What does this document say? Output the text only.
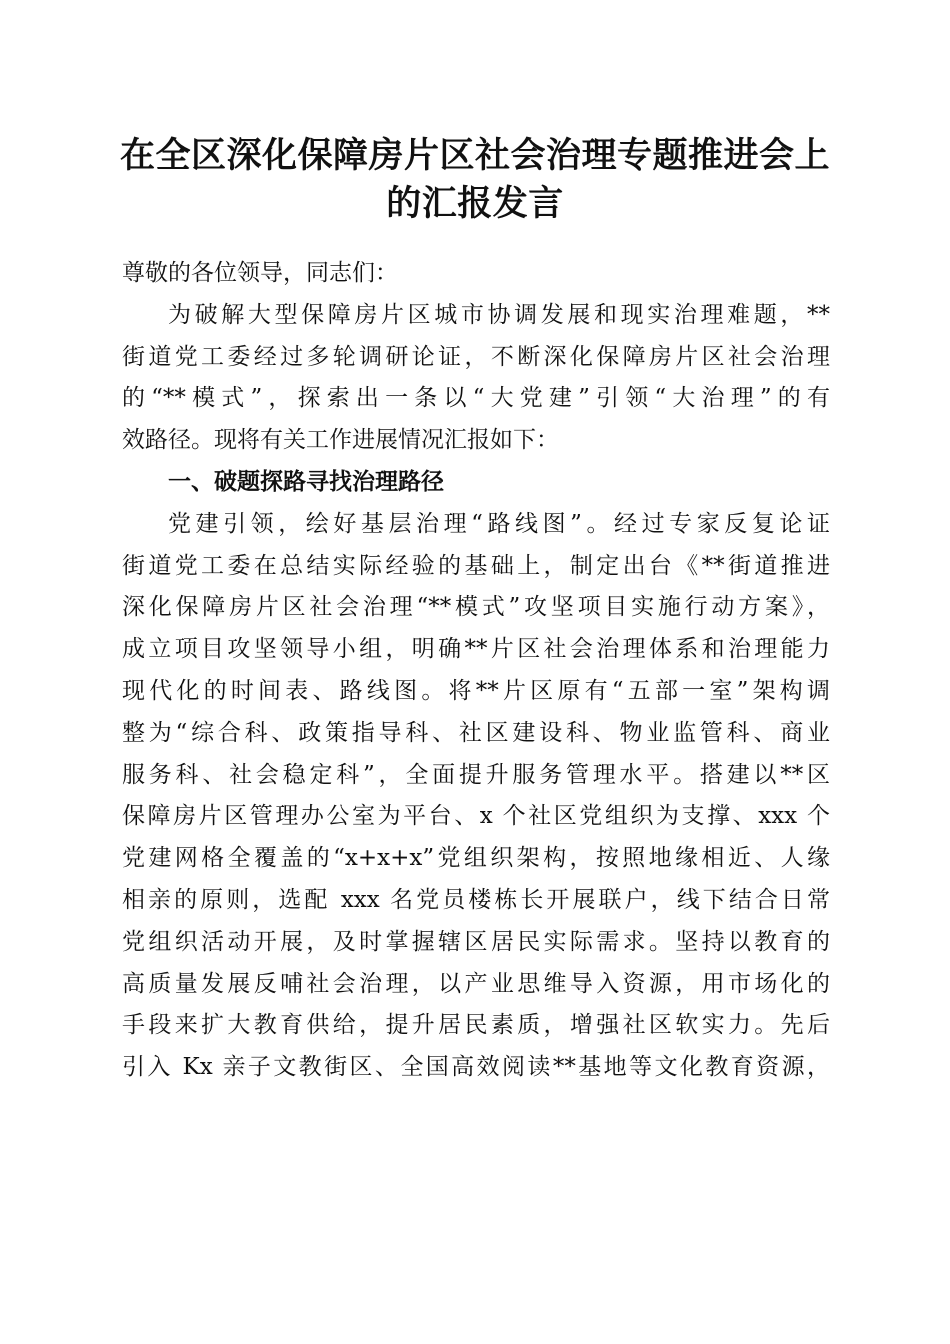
在全区深化保障房片区社会治理专题推进会上
的汇报发言
尊敬的各位领导，同志们：
为破解大型保障房片区城市协调发展和现实治理难题，**
街道党工委经过多轮调研论证，不断深化保障房片区社会治理
的“**模式”，探索出一条以“大党建”引领“大治理”的有
效路径。现将有关工作进展情况汇报如下：
一、破题探路寻找治理路径
党建引领，绘好基层治理“路线图”。经过专家反复论证
街道党工委在总结实际经验的基础上，制定出台《**街道推进
深化保障房片区社会治理“**模式”攻坚项目实施行动方案》，
成立项目攻坚领导小组，明确**片区社会治理体系和治理能力
现代化的时间表、路线图。将**片区原有“五部一室”架构调
整为“综合科、政策指导科、社区建设科、物业监管科、商业
服务科、社会稳定科”，全面提升服务管理水平。搭建以**区
保障房片区管理办公室为平台、x 个社区党组织为支撑、xxx 个
党建网格全覆盖的“x+x+x”党组织架构，按照地缘相近、人缘
相亲的原则，选配 xxx 名党员楼栋长开展联户，线下结合日常
党组织活动开展，及时掌握辖区居民实际需求。坚持以教育的
高质量发展反哺社会治理，以产业思维导入资源，用市场化的
手段来扩大教育供给，提升居民素质，增强社区软实力。先后
引入 Kx 亲子文教街区、全国高效阅读**基地等文化教育资源，
